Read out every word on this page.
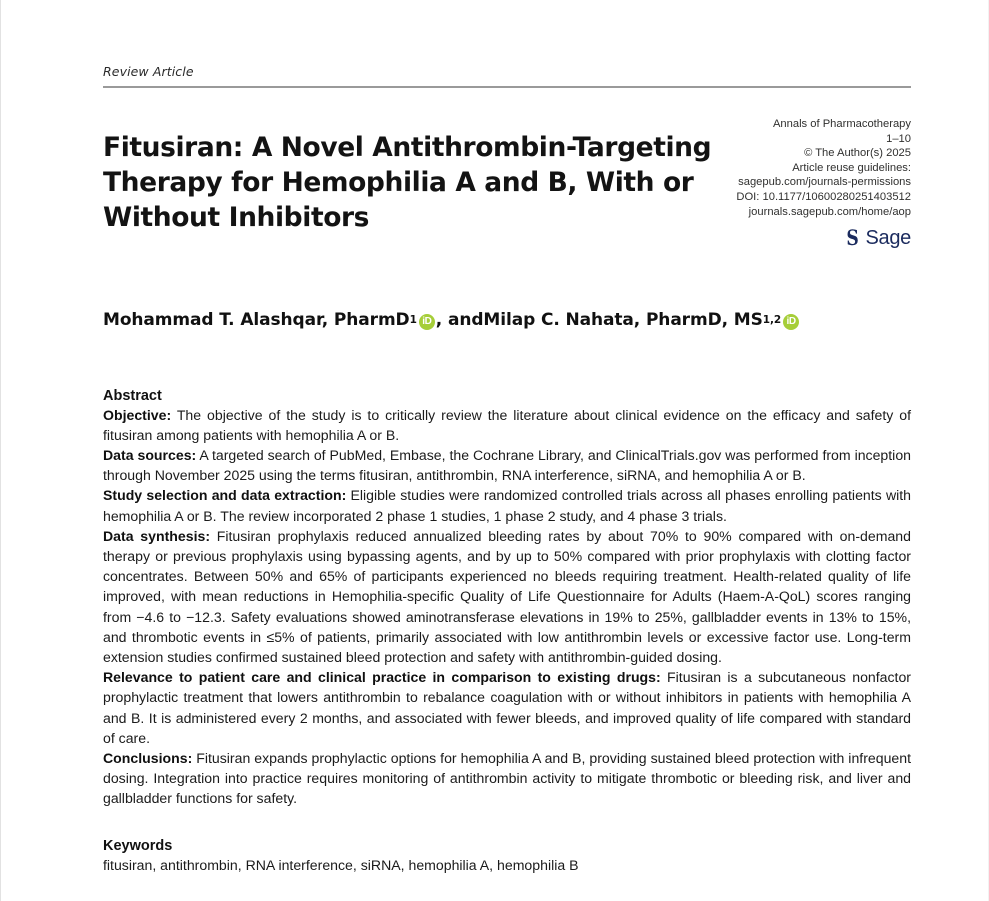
Review Article
Fitusiran: A Novel Antithrombin-Targeting Therapy for Hemophilia A and B, With or Without Inhibitors
Annals of Pharmacotherapy
1–10
© The Author(s) 2025
Article reuse guidelines:
sagepub.com/journals-permissions
DOI: 10.1177/10600280251403512
journals.sagepub.com/home/aop
S Sage
Mohammad T. Alashqar, PharmD 1 iD , and Milap C. Nahata, PharmD, MS 1,2 iD
Abstract

Objective: The objective of the study is to critically review the literature about clinical evidence on the efficacy and safety of fitusiran among patients with hemophilia A or B.

Data sources: A targeted search of PubMed, Embase, the Cochrane Library, and ClinicalTrials.gov was performed from inception through November 2025 using the terms fitusiran, antithrombin, RNA interference, siRNA, and hemophilia A or B.

Study selection and data extraction: Eligible studies were randomized controlled trials across all phases enrolling patients with hemophilia A or B. The review incorporated 2 phase 1 studies, 1 phase 2 study, and 4 phase 3 trials.

Data synthesis: Fitusiran prophylaxis reduced annualized bleeding rates by about 70% to 90% compared with on-demand therapy or previous prophylaxis using bypassing agents, and by up to 50% compared with prior prophylaxis with clotting factor concentrates. Between 50% and 65% of participants experienced no bleeds requiring treatment. Health-related quality of life improved, with mean reductions in Hemophilia-specific Quality of Life Questionnaire for Adults (Haem-A-QoL) scores ranging from −4.6 to −12.3. Safety evaluations showed aminotransferase elevations in 19% to 25%, gallbladder events in 13% to 15%, and thrombotic events in ≤5% of patients, primarily associated with low antithrombin levels or excessive factor use. Long-term extension studies confirmed sustained bleed protection and safety with antithrombin-guided dosing.

Relevance to patient care and clinical practice in comparison to existing drugs: Fitusiran is a subcutaneous nonfactor prophylactic treatment that lowers antithrombin to rebalance coagulation with or without inhibitors in patients with hemophilia A and B. It is administered every 2 months, and associated with fewer bleeds, and improved quality of life compared with standard of care.

Conclusions: Fitusiran expands prophylactic options for hemophilia A and B, providing sustained bleed protection with infrequent dosing. Integration into practice requires monitoring of antithrombin activity to mitigate thrombotic or bleeding risk, and liver and gallbladder functions for safety.

Keywords
fitusiran, antithrombin, RNA interference, siRNA, hemophilia A, hemophilia B
